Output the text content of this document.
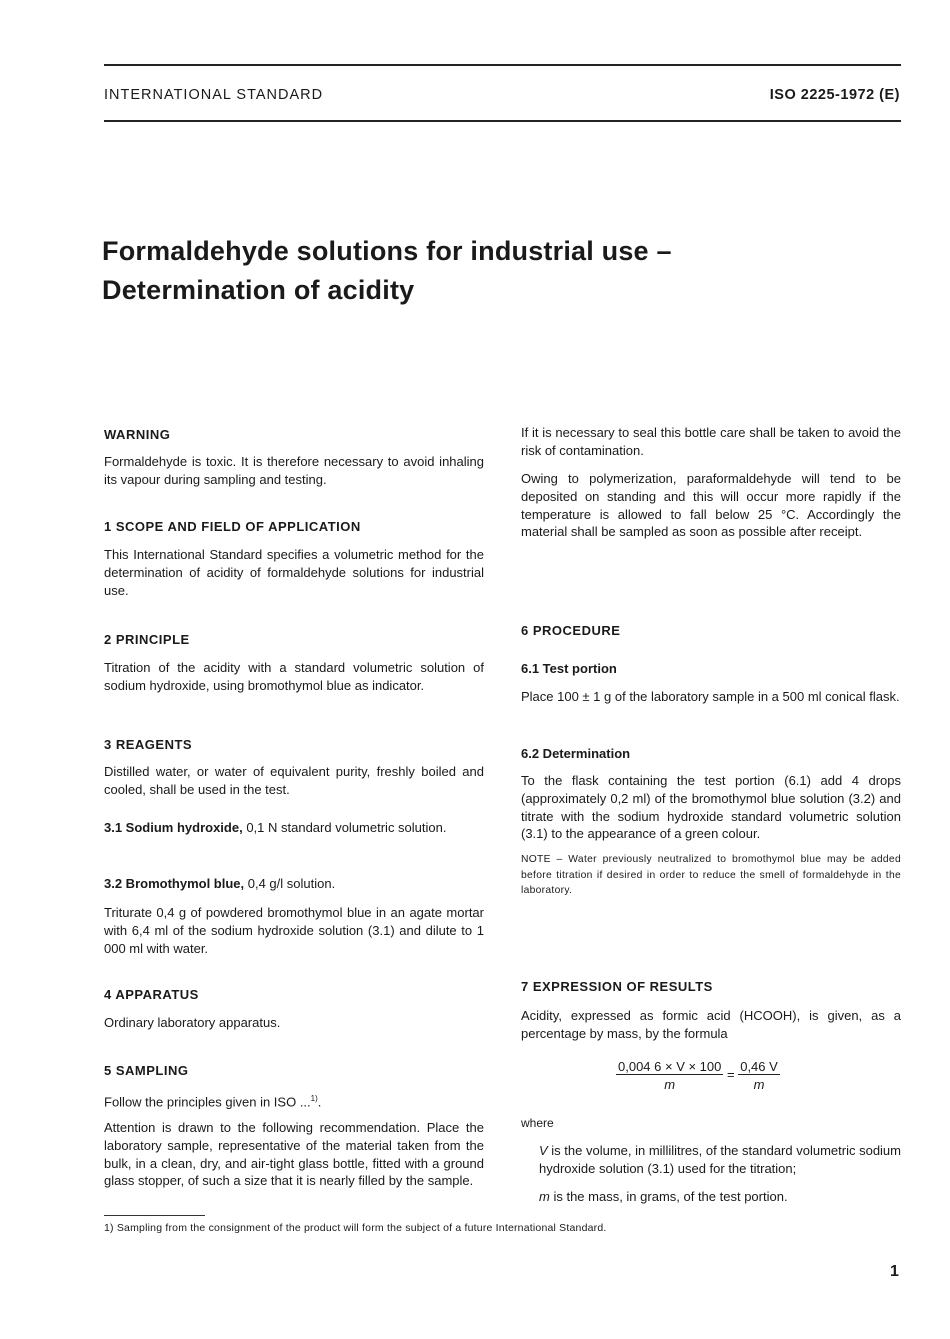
INTERNATIONAL STANDARD	ISO 2225-1972 (E)
Formaldehyde solutions for industrial use –
Determination of acidity
WARNING
Formaldehyde is toxic. It is therefore necessary to avoid inhaling its vapour during sampling and testing.
1 SCOPE AND FIELD OF APPLICATION
This International Standard specifies a volumetric method for the determination of acidity of formaldehyde solutions for industrial use.
2 PRINCIPLE
Titration of the acidity with a standard volumetric solution of sodium hydroxide, using bromothymol blue as indicator.
3 REAGENTS
Distilled water, or water of equivalent purity, freshly boiled and cooled, shall be used in the test.
3.1 Sodium hydroxide, 0,1 N standard volumetric solution.
3.2 Bromothymol blue, 0,4 g/l solution.
Triturate 0,4 g of powdered bromothymol blue in an agate mortar with 6,4 ml of the sodium hydroxide solution (3.1) and dilute to 1 000 ml with water.
4 APPARATUS
Ordinary laboratory apparatus.
5 SAMPLING
Follow the principles given in ISO ...$^{1)}$.
Attention is drawn to the following recommendation. Place the laboratory sample, representative of the material taken from the bulk, in a clean, dry, and air-tight glass bottle, fitted with a ground glass stopper, of such a size that it is nearly filled by the sample.
1) Sampling from the consignment of the product will form the subject of a future International Standard.
If it is necessary to seal this bottle care shall be taken to avoid the risk of contamination.
Owing to polymerization, paraformaldehyde will tend to be deposited on standing and this will occur more rapidly if the temperature is allowed to fall below 25 °C. Accordingly the material shall be sampled as soon as possible after receipt.
6 PROCEDURE
6.1 Test portion
Place 100 ± 1 g of the laboratory sample in a 500 ml conical flask.
6.2 Determination
To the flask containing the test portion (6.1) add 4 drops (approximately 0,2 ml) of the bromothymol blue solution (3.2) and titrate with the sodium hydroxide standard volumetric solution (3.1) to the appearance of a green colour.
NOTE – Water previously neutralized to bromothymol blue may be added before titration if desired in order to reduce the smell of formaldehyde in the laboratory.
7 EXPRESSION OF RESULTS
Acidity, expressed as formic acid (HCOOH), is given, as a percentage by mass, by the formula
$\frac{0,004 6 \times V \times 100}{m} = \frac{0,46 V}{m}$
where
V is the volume, in millilitres, of the standard volumetric sodium hydroxide solution (3.1) used for the titration;
m is the mass, in grams, of the test portion.
1
